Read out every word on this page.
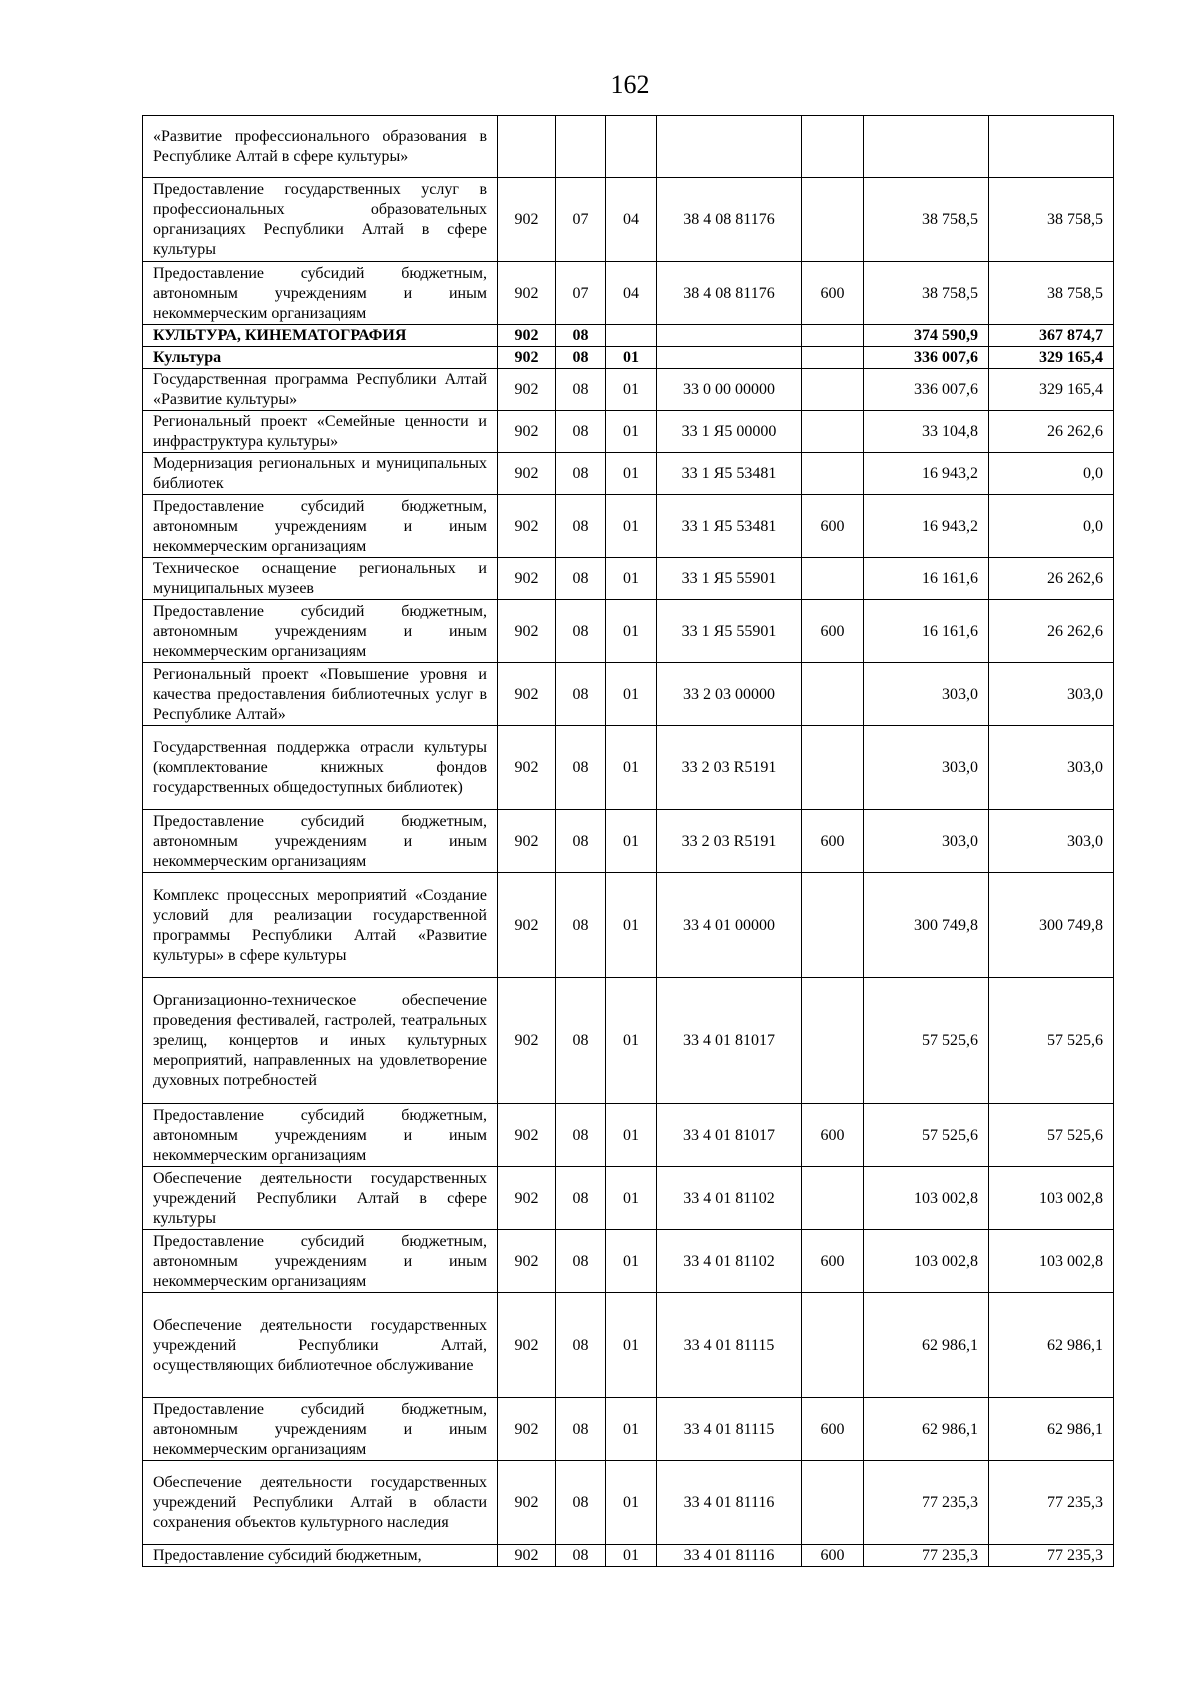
162
«Развитие профессионального образования в Республике Алтай в сфере культуры»							
Предоставление государственных услуг в профессиональных образовательных организациях Республики Алтай в сфере культуры	902	07	04	38 4 08 81176		38 758,5	38 758,5
Предоставление субсидий бюджетным, автономным учреждениям и иным некоммерческим организациям	902	07	04	38 4 08 81176	600	38 758,5	38 758,5
КУЛЬТУРА, КИНЕМАТОГРАФИЯ	902	08				374 590,9	367 874,7
Культура	902	08	01			336 007,6	329 165,4
Государственная программа Республики Алтай «Развитие культуры»	902	08	01	33 0 00 00000		336 007,6	329 165,4
Региональный проект «Семейные ценности и инфраструктура культуры»	902	08	01	33 1 Я5 00000		33 104,8	26 262,6
Модернизация региональных и муниципальных библиотек	902	08	01	33 1 Я5 53481		16 943,2	0,0
Предоставление субсидий бюджетным, автономным учреждениям и иным некоммерческим организациям	902	08	01	33 1 Я5 53481	600	16 943,2	0,0
Техническое оснащение региональных и муниципальных музеев	902	08	01	33 1 Я5 55901		16 161,6	26 262,6
Предоставление субсидий бюджетным, автономным учреждениям и иным некоммерческим организациям	902	08	01	33 1 Я5 55901	600	16 161,6	26 262,6
Региональный проект «Повышение уровня и качества предоставления библиотечных услуг в Республике Алтай»	902	08	01	33 2 03 00000		303,0	303,0
Государственная поддержка отрасли культуры (комплектование книжных фондов государственных общедоступных библиотек)	902	08	01	33 2 03 R5191		303,0	303,0
Предоставление субсидий бюджетным, автономным учреждениям и иным некоммерческим организациям	902	08	01	33 2 03 R5191	600	303,0	303,0
Комплекс процессных мероприятий «Создание условий для реализации государственной программы Республики Алтай «Развитие культуры» в сфере культуры	902	08	01	33 4 01 00000		300 749,8	300 749,8
Организационно-техническое обеспечение проведения фестивалей, гастролей, театральных зрелищ, концертов и иных культурных мероприятий, направленных на удовлетворение духовных потребностей	902	08	01	33 4 01 81017		57 525,6	57 525,6
Предоставление субсидий бюджетным, автономным учреждениям и иным некоммерческим организациям	902	08	01	33 4 01 81017	600	57 525,6	57 525,6
Обеспечение деятельности государственных учреждений Республики Алтай в сфере культуры	902	08	01	33 4 01 81102		103 002,8	103 002,8
Предоставление субсидий бюджетным, автономным учреждениям и иным некоммерческим организациям	902	08	01	33 4 01 81102	600	103 002,8	103 002,8
Обеспечение деятельности государственных учреждений Республики Алтай, осуществляющих библиотечное обслуживание	902	08	01	33 4 01 81115		62 986,1	62 986,1
Предоставление субсидий бюджетным, автономным учреждениям и иным некоммерческим организациям	902	08	01	33 4 01 81115	600	62 986,1	62 986,1
Обеспечение деятельности государственных учреждений Республики Алтай в области сохранения объектов культурного наследия	902	08	01	33 4 01 81116		77 235,3	77 235,3
Предоставление субсидий бюджетным,	902	08	01	33 4 01 81116	600	77 235,3	77 235,3
